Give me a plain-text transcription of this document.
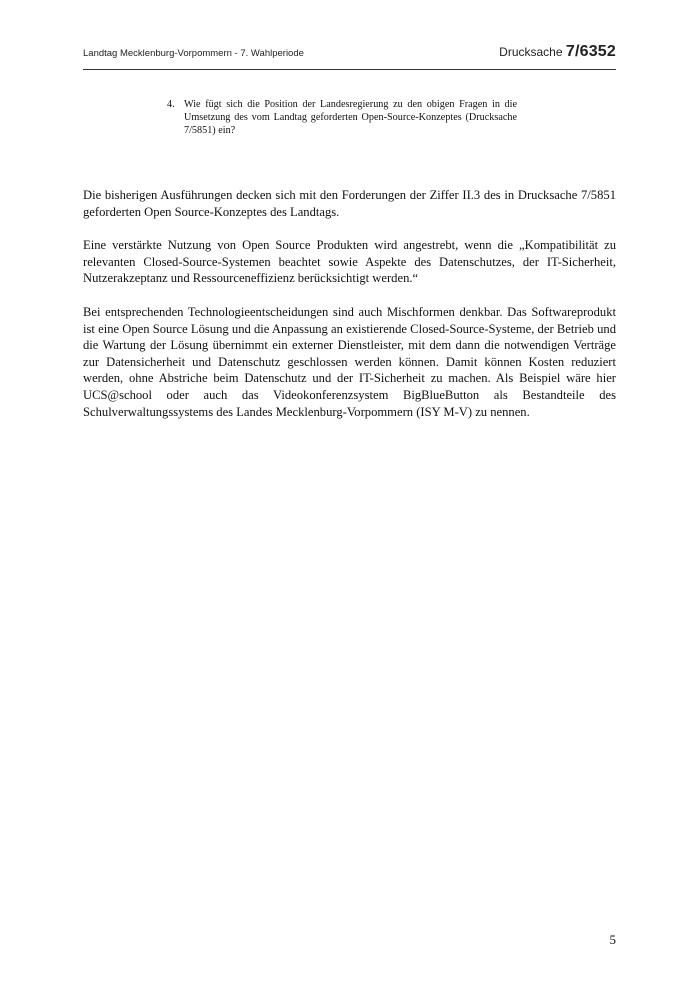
Landtag Mecklenburg-Vorpommern - 7. Wahlperiode	Drucksache 7/6352
4. Wie fügt sich die Position der Landesregierung zu den obigen Fragen in die Umsetzung des vom Landtag geforderten Open-Source-Konzeptes (Drucksache 7/5851) ein?

Die bisherigen Ausführungen decken sich mit den Forderungen der Ziffer II.3 des in Drucksache 7/5851 geforderten Open Source-Konzeptes des Landtags.

Eine verstärkte Nutzung von Open Source Produkten wird angestrebt, wenn die „Kompatibilität zu relevanten Closed-Source-Systemen beachtet sowie Aspekte des Datenschutzes, der IT-Sicherheit, Nutzerakzeptanz und Ressourceneffizienz berücksichtigt werden.“

Bei entsprechenden Technologieentscheidungen sind auch Mischformen denkbar. Das Softwareprodukt ist eine Open Source Lösung und die Anpassung an existierende Closed-Source-Systeme, der Betrieb und die Wartung der Lösung übernimmt ein externer Dienstleister, mit dem dann die notwendigen Verträge zur Datensicherheit und Datenschutz geschlossen werden können. Damit können Kosten reduziert werden, ohne Abstriche beim Datenschutz und der IT-Sicherheit zu machen. Als Beispiel wäre hier UCS@school oder auch das Videokonferenzsystem BigBlueButton als Bestandteile des Schulverwaltungssystems des Landes Mecklenburg-Vorpommern (ISY M-V) zu nennen.

5
